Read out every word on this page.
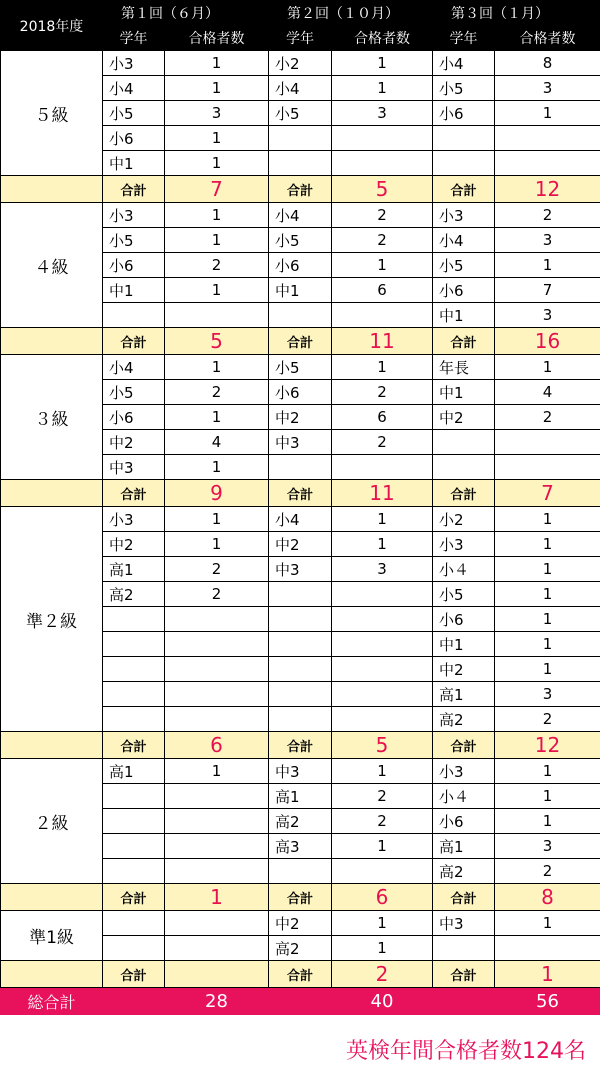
2018年度	第１回（６月）		第２回（１０月）		第３回（１月）	
	学年	合格者数	学年	合格者数	学年	合格者数
５級	小3	1	小2	1	小4	8
	小4	1	小4	1	小5	3
	小5	3	小5	3	小6	1
	小6	1				
	中1	1				
	合計	7	合計	5	合計	12
４級	小3	1	小4	2	小3	2
	小5	1	小5	2	小4	3
	小6	2	小6	1	小5	1
	中1	1	中1	6	小6	7
					中1	3
	合計	5	合計	11	合計	16
３級	小4	1	小5	1	年長	1
	小5	2	小6	2	中1	4
	小6	1	中2	6	中2	2
	中2	4	中3	2		
	中3	1				
	合計	9	合計	11	合計	7
準２級	小3	1	小4	1	小2	1
	中2	1	中2	1	小3	1
	高1	2	中3	3	小４	1
	高2	2			小5	1
					小6	1
					中1	1
					中2	1
					高1	3
					高2	2
	合計	6	合計	5	合計	12
２級	高1	1	中3	1	小3	1
			高1	2	小４	1
			高2	2	小6	1
			高3	1	高1	3
					高2	2
	合計	1	合計	6	合計	8
準1級			中2	1	中3	1
			高2	1		
	合計		合計	2	合計	1
総合計		28		40		56
英検年間合格者数124名
